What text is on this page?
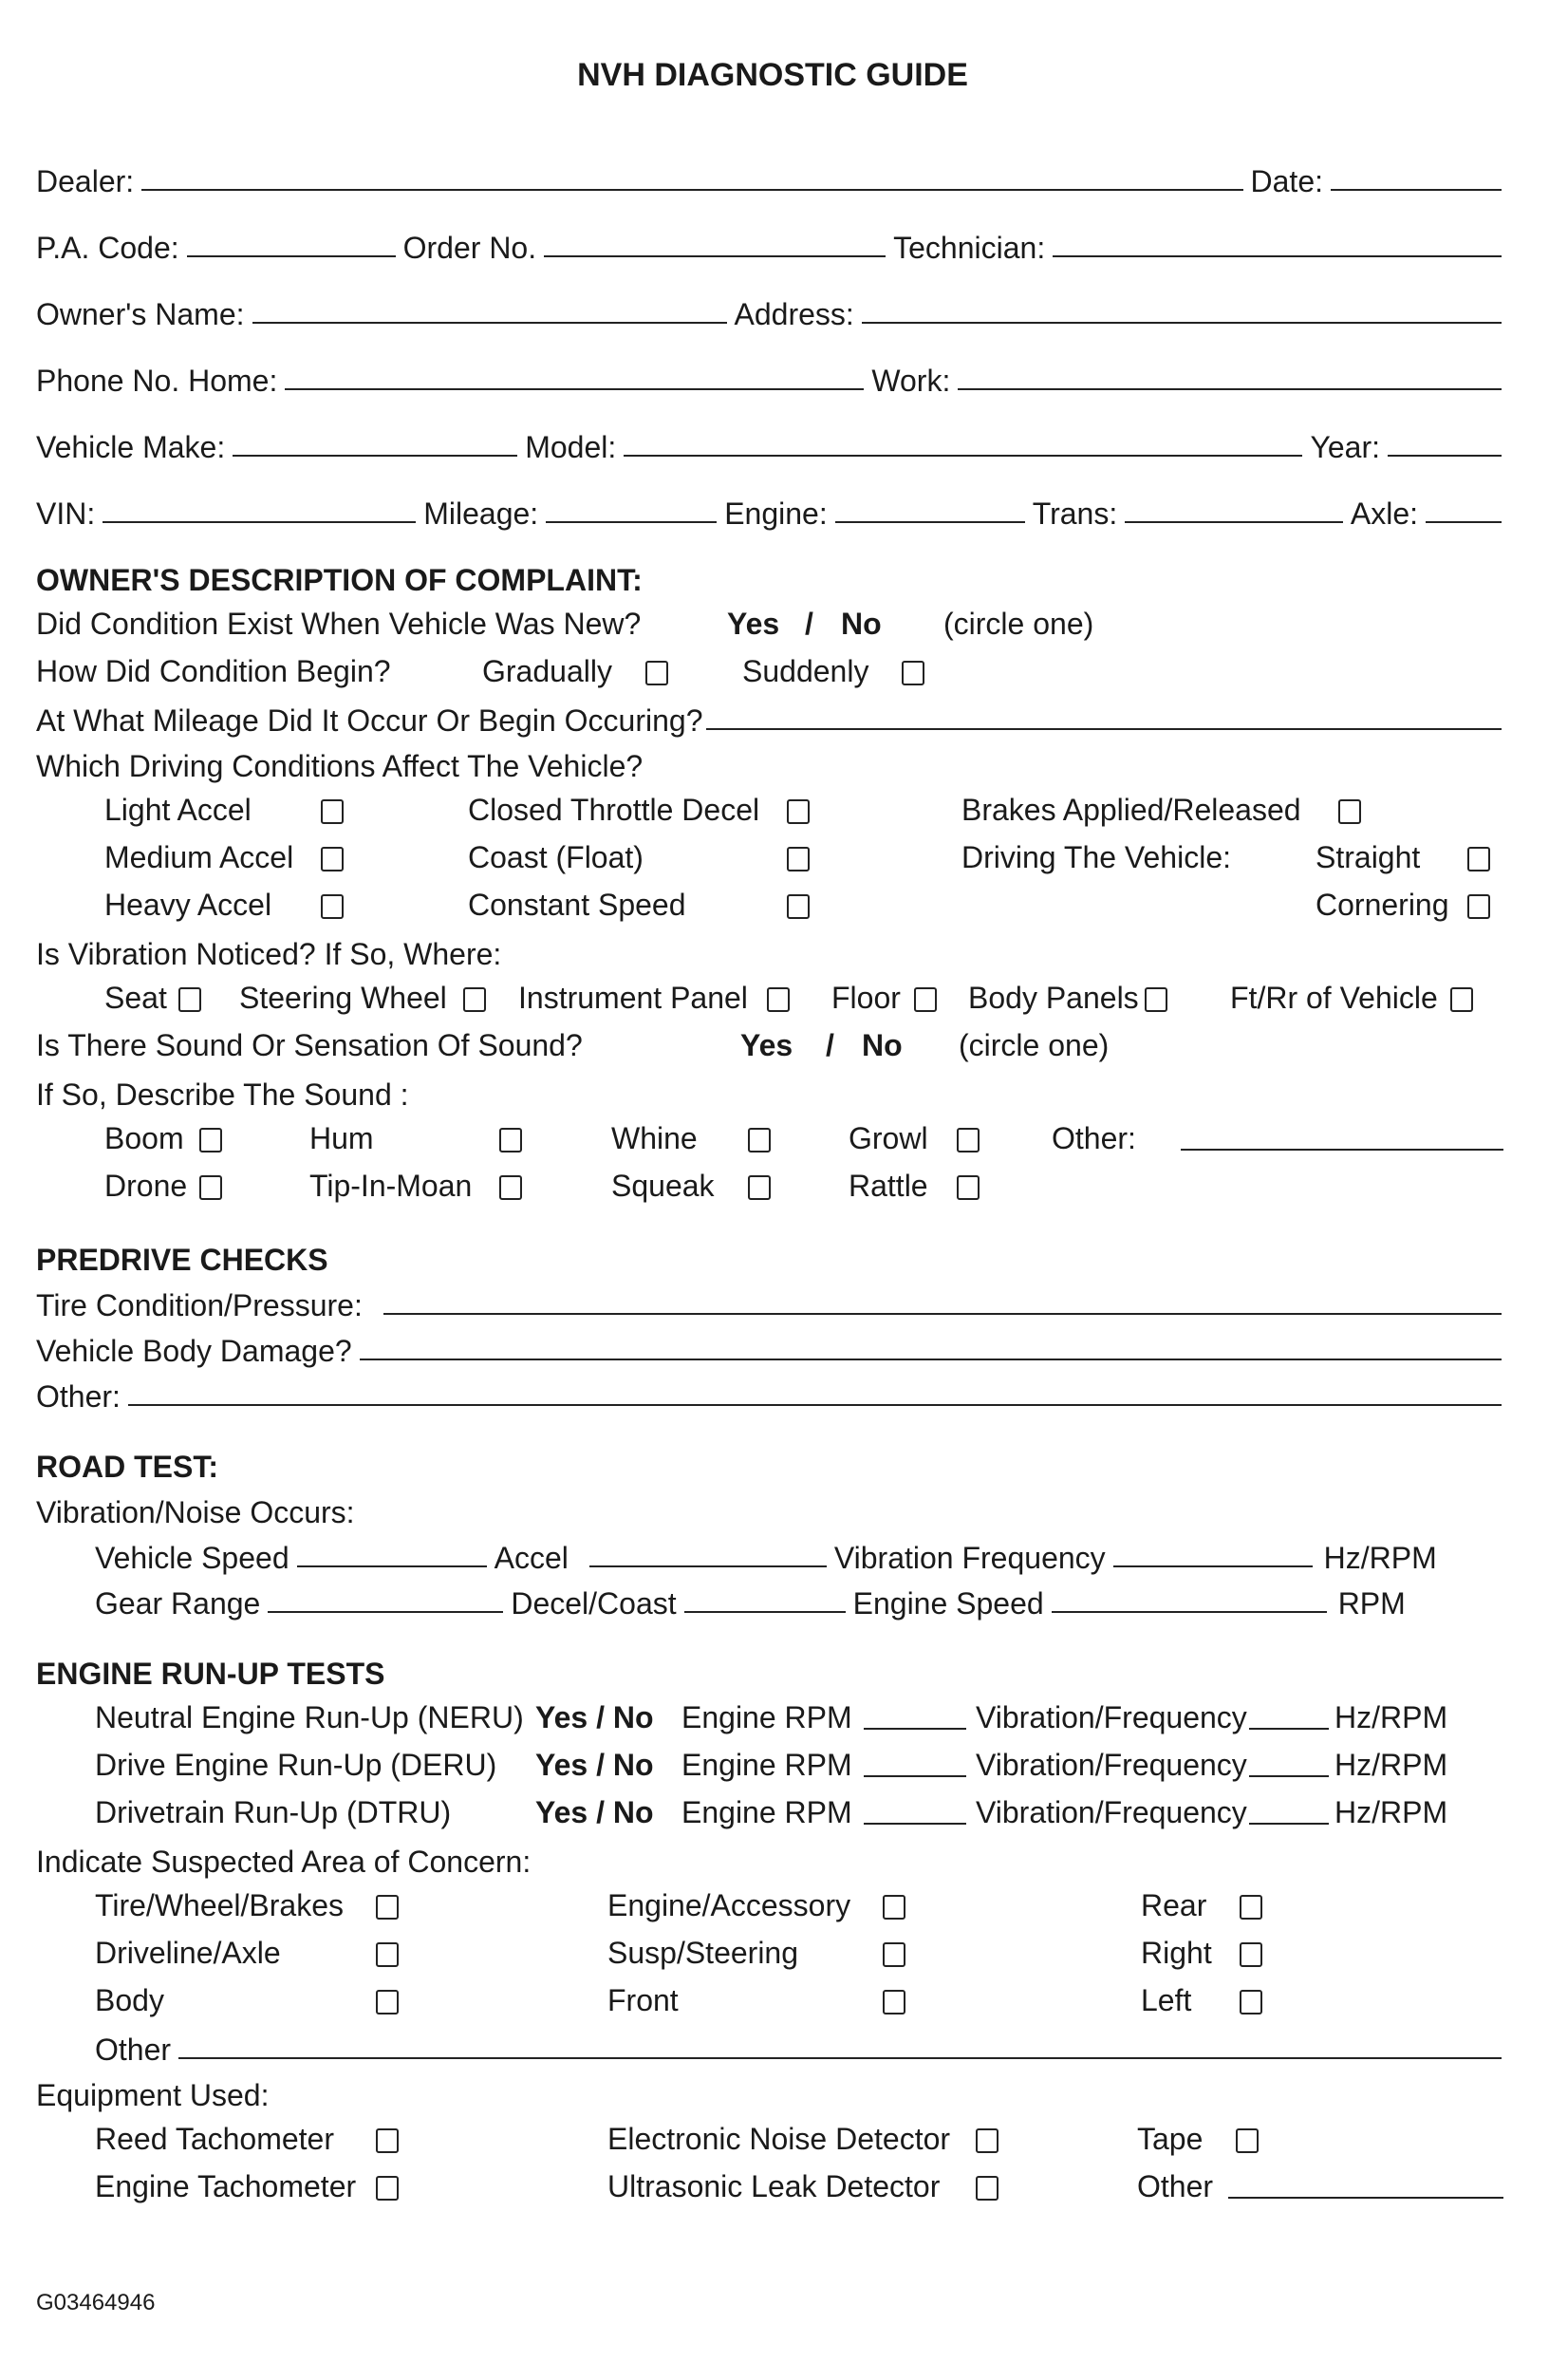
NVH DIAGNOSTIC GUIDE
Dealer:	Date:
P.A. Code:	Order No.	Technician:
Owner's Name:	Address:
Phone No. Home:	Work:
Vehicle Make:	Model:	Year:
VIN:	Mileage:	Engine:	Trans:	Axle:
OWNER'S DESCRIPTION OF COMPLAINT:
Did Condition Exist When Vehicle Was New?	Yes / No (circle one)
How Did Condition Begin?	Gradually	Suddenly
At What Mileage Did It Occur Or Begin Occuring?
Which Driving Conditions Affect The Vehicle?
Light Accel	Closed Throttle Decel	Brakes Applied/Released
Medium Accel	Coast (Float)	Driving The Vehicle:	Straight
Heavy Accel	Constant Speed	Cornering
Is Vibration Noticed? If So, Where:
Seat Steering Wheel Instrument Panel	Floor Body Panels	Ft/Rr of Vehicle
Is There Sound Or Sensation Of Sound?	Yes / No (circle one)
If So, Describe The Sound :
Boom	Hum	Whine	Growl	Other:
Drone	Tip-In-Moan	Squeak	Rattle
PREDRIVE CHECKS
Tire Condition/Pressure:
Vehicle Body Damage?
Other:
ROAD TEST:
Vibration/Noise Occurs:
Vehicle Speed	Accel	Vibration Frequency	Hz/RPM
Gear Range	Decel/Coast	Engine Speed	RPM
ENGINE RUN-UP TESTS
Neutral Engine Run-Up (NERU) Yes / No Engine RPM	Vibration/Frequency	Hz/RPM
Drive Engine Run-Up (DERU) Yes / No Engine RPM	Vibration/Frequency	Hz/RPM
Drivetrain Run-Up (DTRU)	Yes / No Engine RPM	Vibration/Frequency	Hz/RPM
Indicate Suspected Area of Concern:
Tire/Wheel/Brakes	Engine/Accessory	Rear
Driveline/Axle	Susp/Steering	Right
Body	Front	Left
Other
Equipment Used:
Reed Tachometer	Electronic Noise Detector	Tape
Engine Tachometer	Ultrasonic Leak Detector	Other
G03464946
